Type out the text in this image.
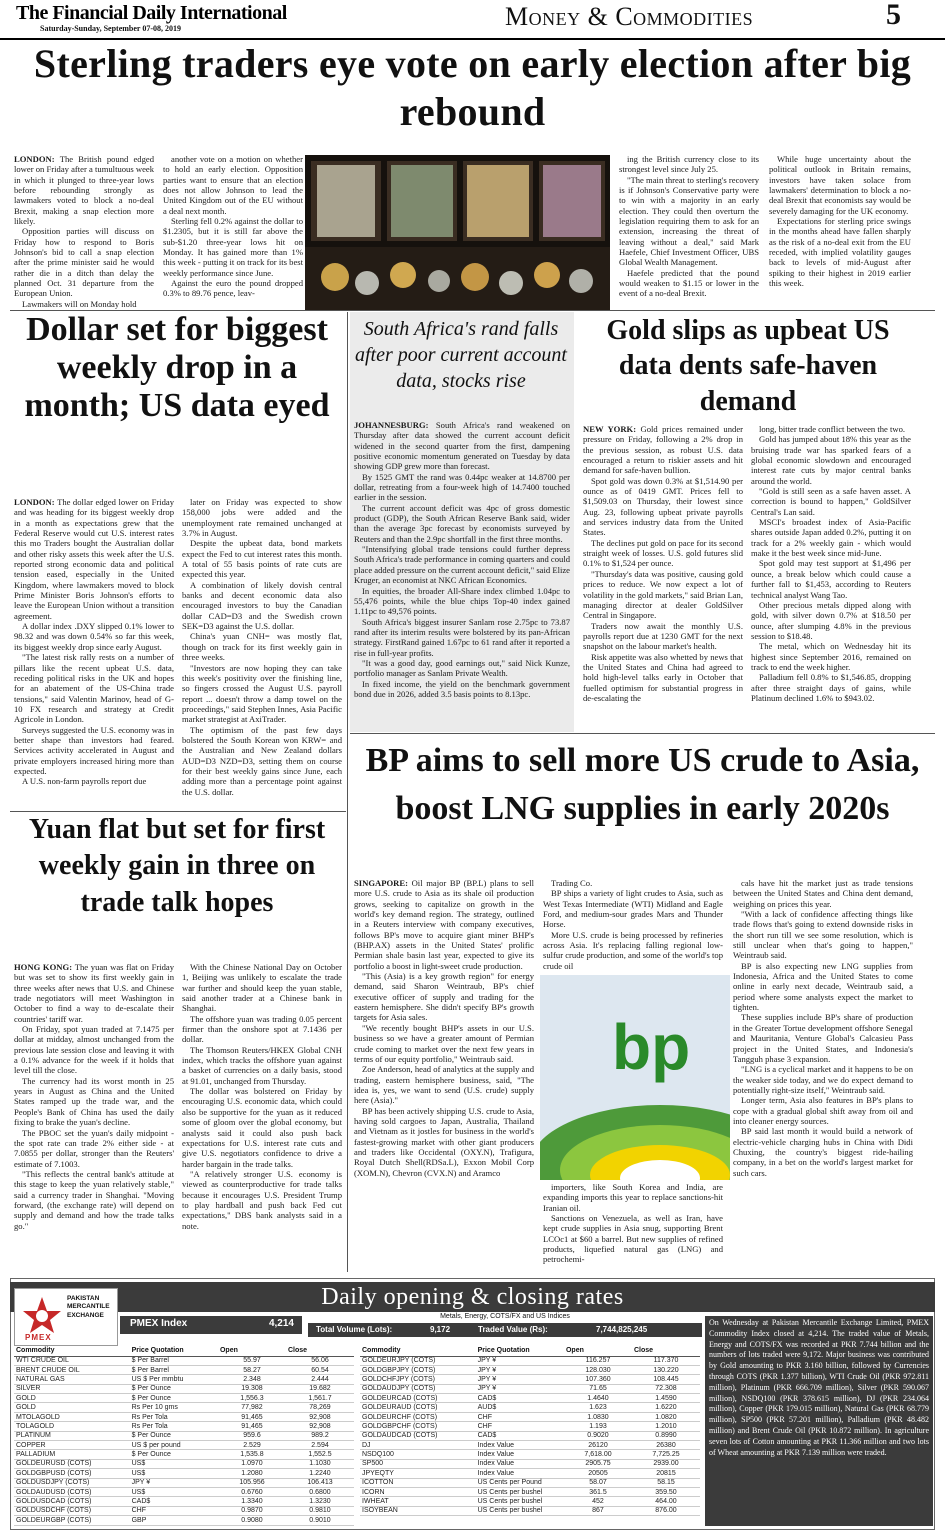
The Financial Daily International
Saturday-Sunday, September 07-08, 2019	Money & Commodities	5
Sterling traders eye vote on early election after big rebound

LONDON: The British pound edged lower on Friday after a tumultuous week in which it plunged to three-year lows before rebounding strongly as lawmakers voted to block a no-deal Brexit, making a snap election more likely.

Opposition parties will discuss on Friday how to respond to Boris Johnson's bid to call a snap election after the prime minister said he would rather die in a ditch than delay the planned Oct. 31 departure from the European Union.

Lawmakers will on Monday hold

another vote on a motion on whether to hold an early election. Opposition parties want to ensure that an election does not allow Johnson to lead the United Kingdom out of the EU without a deal next month.

Sterling fell 0.2% against the dollar to $1.2305, but it is still far above the sub-$1.20 three-year lows hit on Monday. It has gained more than 1% this week - putting it on track for its best weekly performance since June.

Against the euro the pound dropped 0.3% to 89.76 pence, leav-

ing the British currency close to its strongest level since July 25.

"The main threat to sterling's recovery is if Johnson's Conservative party were to win with a majority in an early election. They could then overturn the legislation requiring them to ask for an extension, increasing the threat of leaving without a deal," said Mark Haefele, Chief Investment Officer, UBS Global Wealth Management.

Haefele predicted that the pound would weaken to $1.15 or lower in the event of a no-deal Brexit.

While huge uncertainty about the political outlook in Britain remains, investors have taken solace from lawmakers' determination to block a no-deal Brexit that economists say would be severely damaging for the UK economy.

Expectations for sterling price swings in the months ahead have fallen sharply as the risk of a no-deal exit from the EU receded, with implied volatility gauges back to levels of mid-August after spiking to their highest in 2019 earlier this week.

Dollar set for biggest weekly drop in a month; US data eyed

LONDON: The dollar edged lower on Friday and was heading for its biggest weekly drop in a month as expectations grew that the Federal Reserve would cut U.S. interest rates this mo Traders bought the Australian dollar and other risky assets this week after the U.S. reported strong economic data and political tension eased, especially in the United Kingdom, where lawmakers moved to block Prime Minister Boris Johnson's efforts to leave the European Union without a transition agreement.

A dollar index .DXY slipped 0.1% lower to 98.32 and was down 0.54% so far this week, its biggest weekly drop since early August.

"The latest risk rally rests on a number of pillars like the recent upbeat U.S. data, receding political risks in the UK and hopes for an abatement of the US-China trade tensions," said Valentin Marinov, head of G-10 FX research and strategy at Credit Agricole in London.

Surveys suggested the U.S. economy was in better shape than investors had feared. Services activity accelerated in August and private employers increased hiring more than expected.

A U.S. non-farm payrolls report due

later on Friday was expected to show 158,000 jobs were added and the unemployment rate remained unchanged at 3.7% in August.

Despite the upbeat data, bond markets expect the Fed to cut interest rates this month. A total of 55 basis points of rate cuts are expected this year.

A combination of likely dovish central banks and decent economic data also encouraged investors to buy the Canadian dollar CAD=D3 and the Swedish crown SEK=D3 against the U.S. dollar.

China's yuan CNH= was mostly flat, though on track for its first weekly gain in three weeks.

"Investors are now hoping they can take this week's positivity over the finishing line, so fingers crossed the August U.S. payroll report ... doesn't throw a damp towel on the proceedings," said Stephen Innes, Asia Pacific market strategist at AxiTrader.

The optimism of the past few days bolstered the South Korean won KRW= and the Australian and New Zealand dollars AUD=D3 NZD=D3, setting them on course for their best weekly gains since June, each adding more than a percentage point against the U.S. dollar.

South Africa's rand falls after poor current account data, stocks rise

JOHANNESBURG: South Africa's rand weakened on Thursday after data showed the current account deficit widened in the second quarter from the first, dampening positive economic momentum generated on Tuesday by data showing GDP grew more than forecast.

By 1525 GMT the rand was 0.44pc weaker at 14.8700 per dollar, retreating from a four-week high of 14.7400 touched earlier in the session.

The current account deficit was 4pc of gross domestic product (GDP), the South African Reserve Bank said, wider than the average 3pc forecast by economists surveyed by Reuters and than the 2.9pc shortfall in the first three months.

"Intensifying global trade tensions could further depress South Africa's trade performance in coming quarters and could place added pressure on the current account deficit," said Elize Kruger, an economist at NKC African Economics.

In equities, the broader All-Share index climbed 1.04pc to 55,476 points, while the blue chips Top-40 index gained 1.11pc to 49,576 points.

South Africa's biggest insurer Sanlam rose 2.75pc to 73.87 rand after its interim results were bolstered by its pan-African strategy. FirstRand gained 1.67pc to 61 rand after it reported a rise in full-year profits.

"It was a good day, good earnings out," said Nick Kunze, portfolio manager as Sanlam Private Wealth.

In fixed income, the yield on the benchmark government bond due in 2026, added 3.5 basis points to 8.13pc.

Gold slips as upbeat US data dents safe-haven demand

NEW YORK: Gold prices remained under pressure on Friday, following a 2% drop in the previous session, as robust U.S. data encouraged a return to riskier assets and hit demand for safe-haven bullion.

Spot gold was down 0.3% at $1,514.90 per ounce as of 0419 GMT. Prices fell to $1,509.03 on Thursday, their lowest since Aug. 23, following upbeat private payrolls and services industry data from the United States.

The declines put gold on pace for its second straight week of losses. U.S. gold futures slid 0.1% to $1,524 per ounce.

"Thursday's data was positive, causing gold prices to reduce. We now expect a lot of volatility in the gold markets," said Brian Lan, managing director at dealer GoldSilver Central in Singapore.

Traders now await the monthly U.S. payrolls report due at 1230 GMT for the next snapshot on the labour market's health.

Risk appetite was also whetted by news that the United States and China had agreed to hold high-level talks early in October that fuelled optimism for substantial progress in de-escalating the

long, bitter trade conflict between the two.

Gold has jumped about 18% this year as the bruising trade war has sparked fears of a global economic slowdown and encouraged interest rate cuts by major central banks around the world.

"Gold is still seen as a safe haven asset. A correction is bound to happen," GoldSilver Central's Lan said.

MSCI's broadest index of Asia-Pacific shares outside Japan added 0.2%, putting it on track for a 2% weekly gain - which would make it the best week since mid-June.

Spot gold may test support at $1,496 per ounce, a break below which could cause a further fall to $1,453, according to Reuters technical analyst Wang Tao.

Other precious metals dipped along with gold, with silver down 0.7% at $18.50 per ounce, after slumping 4.8% in the previous session to $18.48.

The metal, which on Wednesday hit its highest since September 2016, remained on track to end the week higher.

Palladium fell 0.8% to $1,546.85, dropping after three straight days of gains, while Platinum declined 1.6% to $943.02.

BP aims to sell more US crude to Asia, boost LNG supplies in early 2020s

SINGAPORE: Oil major BP (BP.L) plans to sell more U.S. crude to Asia as its shale oil production grows, seeking to capitalize on growth in the world's key demand region. The strategy, outlined in a Reuters interview with company executives, follows BP's move to acquire giant miner BHP's (BHP.AX) assets in the United States' prolific Permian shale basin last year, expected to give its portfolio a boost in light-sweet crude production.

"This (Asia) is a key growth region" for energy demand, said Sharon Weintraub, BP's chief executive officer of supply and trading for the eastern hemisphere. She didn't specify BP's growth targets for Asia sales.

"We recently bought BHP's assets in our U.S. business so we have a greater amount of Permian crude coming to market over the next few years in terms of our equity portfolio," Weintraub said.

Zoe Anderson, head of analytics at the supply and trading, eastern hemisphere business, said, "The idea is, yes, we want to send (U.S. crude) supply here (Asia)."

BP has been actively shipping U.S. crude to Asia, having sold cargoes to Japan, Australia, Thailand and Vietnam as it jostles for business in the world's fastest-growing market with other giant producers and traders like Occidental (OXY.N), Trafigura, Royal Dutch Shell(RDSa.L), Exxon Mobil Corp (XOM.N), Chevron (CVX.N) and Aramco

Trading Co.

BP ships a variety of light crudes to Asia, such as West Texas Intermediate (WTI) Midland and Eagle Ford, and medium-sour grades Mars and Thunder Horse.

More U.S. crude is being processed by refineries across Asia. It's replacing falling regional low-sulfur crude production, and some of the world's top crude oil

bp

importers, like South Korea and India, are expanding imports this year to replace sanctions-hit Iranian oil.

Sanctions on Venezuela, as well as Iran, have kept crude supplies in Asia snug, supporting Brent LCOc1 at $60 a barrel. But new supplies of refined products, liquefied natural gas (LNG) and petrochemi-

cals have hit the market just as trade tensions between the United States and China dent demand, weighing on prices this year.

"With a lack of confidence affecting things like trade flows that's going to extend downside risks in the short run till we see some resolution, which is still unclear when that's going to happen," Weintraub said.

BP is also expecting new LNG supplies from Indonesia, Africa and the United States to come online in early next decade, Weintraub said, a period where some analysts expect the market to tighten.

These supplies include BP's share of production in the Greater Tortue development offshore Senegal and Mauritania, Venture Global's Calcasieu Pass project in the United States, and Indonesia's Tangguh phase 3 expansion.

"LNG is a cyclical market and it happens to be on the weaker side today, and we do expect demand to potentially right-size itself," Weintraub said.

Longer term, Asia also features in BP's plans to cope with a gradual global shift away from oil and into cleaner energy sources.

BP said last month it would build a network of electric-vehicle charging hubs in China with Didi Chuxing, the country's biggest ride-hailing company, in a bet on the world's largest market for such cars.

Yuan flat but set for first weekly gain in three on trade talk hopes

HONG KONG: The yuan was flat on Friday but was set to show its first weekly gain in three weeks after news that U.S. and Chinese trade negotiators will meet Washington in October to find a way to de-escalate their countries' tariff war.

On Friday, spot yuan traded at 7.1475 per dollar at midday, almost unchanged from the previous late session close and leaving it with a 0.1% advance for the week if it holds that level till the close.

The currency had its worst month in 25 years in August as China and the United States ramped up the trade war, and the People's Bank of China has used the daily fixing to brake the yuan's decline.

The PBOC set the yuan's daily midpoint - the spot rate can trade 2% either side - at 7.0855 per dollar, stronger than the Reuters' estimate of 7.1003.

"This reflects the central bank's attitude at this stage to keep the yuan relatively stable," said a currency trader in Shanghai. "Moving forward, (the exchange rate) will depend on supply and demand and how the trade talks go."

With the Chinese National Day on October 1, Beijing was unlikely to escalate the trade war further and should keep the yuan stable, said another trader at a Chinese bank in Shanghai.

The offshore yuan was trading 0.05 percent firmer than the onshore spot at 7.1436 per dollar.

The Thomson Reuters/HKEX Global CNH index, which tracks the offshore yuan against a basket of currencies on a daily basis, stood at 91.01, unchanged from Thursday.

The dollar was bolstered on Friday by encouraging U.S. economic data, which could also be supportive for the yuan as it reduced some of gloom over the global economy, but analysts said it could also push back expectations for U.S. interest rate cuts and give U.S. negotiators confidence to drive a harder bargain in the trade talks.

"A relatively stronger U.S. economy is viewed as counterproductive for trade talks because it encourages U.S. President Trump to play hardball and push back Fed cut expectations," DBS bank analysts said in a note.

Daily opening & closing rates
PAKISTAN MERCANTILE EXCHANGE
PMEX
PMEX Index	4,214
Metals, Energy, COTS/FX and US Indices
Total Volume (Lots):	9,172	Traded Value (Rs):	7,744,825,245
Commodity	Price Quotation	Open	Close
WTI CRUDE OIL	$ Per Barrel	55.97	56.06
BRENT CRUDE OIL	$ Per Barrel	58.27	60.54
NATURAL GAS	US $ Per mmbtu	2.348	2.444
SILVER	$ Per Ounce	19.308	19.682
GOLD	$ Per Ounce	1,556.3	1,561.7
GOLD	Rs Per 10 gms	77,982	78,269
MTOLAGOLD	Rs Per Tola	91,465	92,908
TOLAGOLD	Rs Per Tola	91,465	92,908
PLATINUM	$ Per Ounce	959.6	989.2
COPPER	US $ per pound	2.529	2.594
PALLADIUM	$ Per Ounce	1,535.8	1,552.5
GOLDEURUSD (COTS)	US$	1.0970	1.1030
GOLDGBPUSD (COTS)	US$	1.2080	1.2240
GOLDUSDJPY (COTS)	JPY ¥	105.956	106.413
GOLDAUDUSD (COTS)	US$	0.6760	0.6800
GOLDUSDCAD (COTS)	CAD$	1.3340	1.3230
GOLDUSDCHF (COTS)	CHF	0.9870	0.9810
GOLDEURGBP (COTS)	GBP	0.9080	0.9010
Commodity	Price Quotation	Open	Close
GOLDEURJPY (COTS)	JPY ¥	116.257	117.370
GOLDGBPJPY (COTS)	JPY ¥	128.030	130.220
GOLDCHFJPY (COTS)	JPY ¥	107.360	108.445
GOLDAUDJPY (COTS)	JPY ¥	71.65	72.308
GOLDEURCAD (COTS)	CAD$	1.4640	1.4590
GOLDEURAUD (COTS)	AUD$	1.623	1.6220
GOLDEURCHF (COTS)	CHF	1.0830	1.0820
GOLDGBPCHF (COTS)	CHF	1.193	1.2010
GOLDAUDCAD (COTS)	CAD$	0.9020	0.8990
DJ	Index Value	26120	26380
NSDQ100	Index Value	7,618.00	7,725.25
SP500	Index Value	2905.75	2939.00
JPYEQTY	Index Value	20505	20815
ICOTTON	US Cents per Pound	58.07	58.15
ICORN	US Cents per bushel	361.5	359.50
IWHEAT	US Cents per bushel	452	464.00
ISOYBEAN	US Cents per bushel	867	876.00
On Wednesday at Pakistan Mercantile Exchange Limited, PMEX Commodity Index closed at 4,214. The traded value of Metals, Energy and COTS/FX was recorded at PKR 7.744 billion and the numbers of lots traded were 9,172. Major business was contributed by Gold amounting to PKR 3.160 billion, followed by Currencies through COTS (PKR 1.377 billion), WTI Crude Oil (PKR 972.811 million), Platinum (PKR 666.709 million), Silver (PKR 590.067 million), NSDQ100 (PKR 378.615 million), DJ (PKR 234.064 million), Copper (PKR 179.015 million), Natural Gas (PKR 68.779 million), SP500 (PKR 57.201 million), Palladium (PKR 48.482 million) and Brent Crude Oil (PKR 10.872 million). In agriculture seven lots of Cotton amounting at PKR 11.366 million and two lots of Wheat amounting at PKR 7.139 million were traded.
